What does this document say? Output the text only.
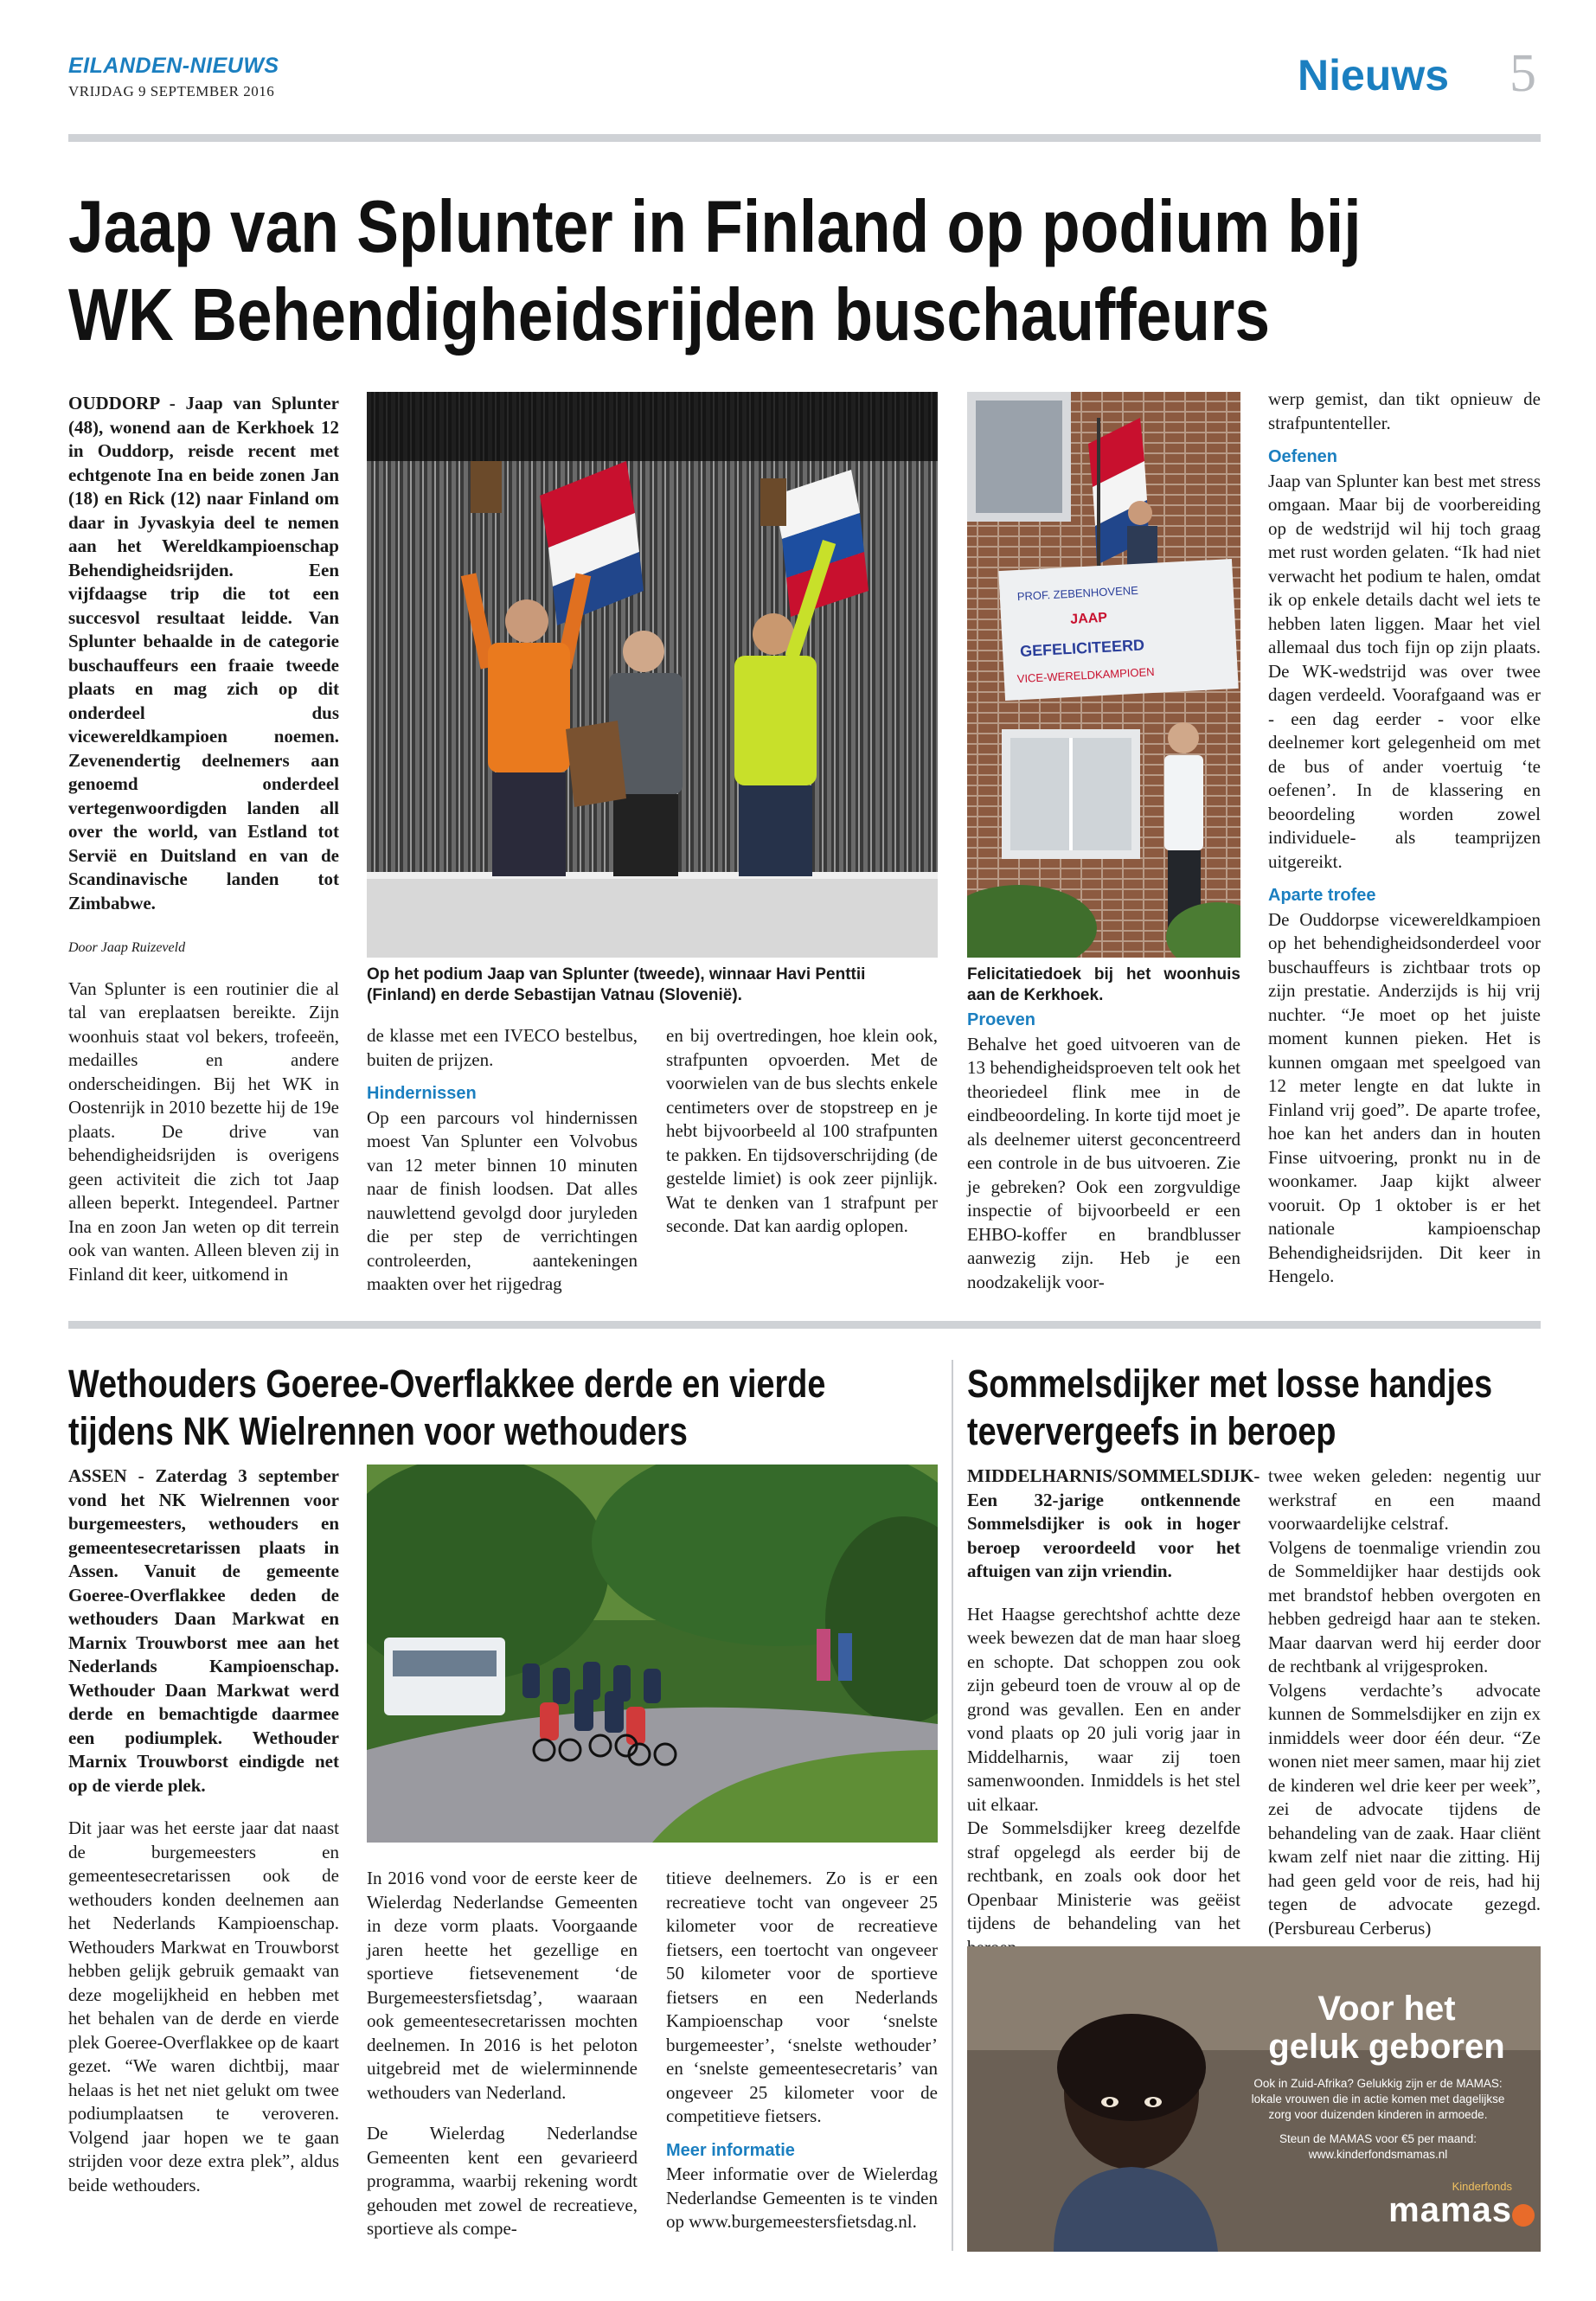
EILANDEN-NIEUWS
VRIJDAG 9 SEPTEMBER 2016	Nieuws 5
Jaap van Splunter in Finland op podium bij
WK Behendigheidsrijden buschauffeurs

OUDDORP - Jaap van Splunter (48), wonend aan de Kerkhoek 12 in Ouddorp, reisde recent met echtgenote Ina en beide zonen Jan (18) en Rick (12) naar Finland om daar in Jyvaskyia deel te nemen aan het Wereldkampioenschap Behendigheidsrijden. Een vijfdaagse trip die tot een succesvol resultaat leidde. Van Splunter behaalde in de categorie buschauffeurs een fraaie tweede plaats en mag zich op dit onderdeel dus vicewereldkampioen noemen. Zevenendertig deelnemers aan genoemd onderdeel vertegenwoordigden landen all over the world, van Estland tot Servië en Duitsland en van de Scandinavische landen tot Zimbabwe.

Door Jaap Ruizeveld

Van Splunter is een routinier die al tal van ereplaatsen bereikte. Zijn woonhuis staat vol bekers, trofeeën, medailles en andere onderscheidingen. Bij het WK in Oostenrijk in 2010 bezette hij de 19e plaats. De drive van behendigheidsrijden is overigens geen activiteit die zich tot Jaap alleen beperkt. Integendeel. Partner Ina en zoon Jan weten op dit terrein ook van wanten. Alleen bleven zij in Finland dit keer, uitkomend in

Op het podium Jaap van Splunter (tweede), winnaar Havi Penttii (Finland) en derde Sebastijan Vatnau (Slovenië).

de klasse met een IVECO bestelbus, buiten de prijzen.

Hindernissen

Op een parcours vol hindernissen moest Van Splunter een Volvobus van 12 meter binnen 10 minuten naar de finish loodsen. Dat alles nauwlettend gevolgd door juryleden die per step de verrichtingen controleerden, aantekeningen maakten over het rijgedrag

en bij overtredingen, hoe klein ook, strafpunten opvoerden. Met de voorwielen van de bus slechts enkele centimeters over de stopstreep en je hebt bijvoorbeeld al 100 strafpunten te pakken. En tijdsoverschrijding (de gestelde limiet) is ook zeer pijnlijk. Wat te denken van 1 strafpunt per seconde. Dat kan aardig oplopen.

PROF. ZEBENHOVENE
JAAP
GEFELICITEERD
VICE-WERELDKAMPIOEN
Felicitatiedoek bij het woonhuis aan de Kerkhoek.

Proeven

Behalve het goed uitvoeren van de 13 behendigheidsproeven telt ook het theoriedeel flink mee in de eindbeoordeling. In korte tijd moet je als deelnemer uiterst geconcentreerd een controle in de bus uitvoeren. Zie je gebreken? Ook een zorgvuldige inspectie of bijvoorbeeld er een EHBO-koffer en brandblusser aanwezig zijn. Heb je een noodzakelijk voor-

werp gemist, dan tikt opnieuw de strafpuntenteller.

Oefenen

Jaap van Splunter kan best met stress omgaan. Maar bij de voorbereiding op de wedstrijd wil hij toch graag met rust worden gelaten. “Ik had niet verwacht het podium te halen, omdat ik op enkele details dacht wel iets te hebben laten liggen. Maar het viel allemaal dus toch fijn op zijn plaats. De WK-wedstrijd was over twee dagen verdeeld. Voorafgaand was er - een dag eerder - voor elke deelnemer kort gelegenheid om met de bus of ander voertuig ‘te oefenen’. In de klassering en beoordeling worden zowel individuele- als teamprijzen uitgereikt.

Aparte trofee

De Ouddorpse vicewereldkampioen op het behendigheidsonderdeel voor buschauffeurs is zichtbaar trots op zijn prestatie. Anderzijds is hij vrij nuchter. “Je moet op het juiste moment kunnen pieken. Het is kunnen omgaan met speelgoed van 12 meter lengte en dat lukte in Finland vrij goed”. De aparte trofee, hoe kan het anders dan in houten Finse uitvoering, pronkt nu in de woonkamer. Jaap kijkt alweer vooruit. Op 1 oktober is er het nationale kampioenschap Behendigheidsrijden. Dit keer in Hengelo.

Wethouders Goeree-Overflakkee derde en vierde
tijdens NK Wielrennen voor wethouders

ASSEN - Zaterdag 3 september vond het NK Wielrennen voor burgemeesters, wethouders en gemeentesecretarissen plaats in Assen. Vanuit de gemeente Goeree-Overflakkee deden de wethouders Daan Markwat en Marnix Trouwborst mee aan het Nederlands Kampioenschap. Wethouder Daan Markwat werd derde en bemachtigde daarmee een podiumplek. Wethouder Marnix Trouwborst eindigde net op de vierde plek.

Dit jaar was het eerste jaar dat naast de burgemeesters en gemeentesecretarissen ook de wethouders konden deelnemen aan het Nederlands Kampioenschap. Wethouders Markwat en Trouwborst hebben gelijk gebruik gemaakt van deze mogelijkheid en hebben met het behalen van de derde en vierde plek Goeree-Overflakkee op de kaart gezet. “We waren dichtbij, maar helaas is het net niet gelukt om twee podiumplaatsen te veroveren. Volgend jaar hopen we te gaan strijden voor deze extra plek”, aldus beide wethouders.

In 2016 vond voor de eerste keer de Wielerdag Nederlandse Gemeenten in deze vorm plaats. Voorgaande jaren heette het gezellige en sportieve fietsevenement ‘de Burgemeestersfietsdag’, waaraan ook gemeentesecretarissen mochten deelnemen. In 2016 is het peloton uitgebreid met de wielerminnende wethouders van Nederland.

De Wielerdag Nederlandse Gemeenten kent een gevarieerd programma, waarbij rekening wordt gehouden met zowel de recreatieve, sportieve als compe-

titieve deelnemers. Zo is er een recreatieve tocht van ongeveer 25 kilometer voor de recreatieve fietsers, een toertocht van ongeveer 50 kilometer voor de sportieve fietsers en een Nederlands Kampioenschap voor ‘snelste burgemeester’, ‘snelste wethouder’ en ‘snelste gemeentesecretaris’ van ongeveer 25 kilometer voor de competitieve fietsers.

Meer informatie

Meer informatie over de Wielerdag Nederlandse Gemeenten is te vinden op www.burgemeestersfietsdag.nl.

Sommelsdijker met losse handjes
teververgeefs in beroep

MIDDELHARNIS/SOMMELSDIJK- Een 32-jarige ontkennende Sommelsdijker is ook in hoger beroep veroordeeld voor het aftuigen van zijn vriendin.

Het Haagse gerechtshof achtte deze week bewezen dat de man haar sloeg en schopte. Dat schoppen zou ook zijn gebeurd toen de vrouw al op de grond was gevallen. Een en ander vond plaats op 20 juli vorig jaar in Middelharnis, waar zij toen samenwoonden. Inmiddels is het stel uit elkaar.

De Sommelsdijker kreeg dezelfde straf opgelegd als eerder bij de rechtbank, en zoals ook door het Openbaar Ministerie was geëist tijdens de behandeling van het

twee weken geleden: negentig uur werkstraf en een maand voorwaardelijke celstraf.

Volgens de toenmalige vriendin zou de Sommeldijker haar destijds ook met brandstof hebben overgoten en hebben gedreigd haar aan te steken. Maar daarvan werd hij eerder door de rechtbank al vrijgesproken.

Volgens verdachte’s advocate kunnen de Sommelsdijker en zijn ex inmiddels weer door één deur. “Ze wonen niet meer samen, maar hij ziet de kinderen wel drie keer per week”, zei de advocate tijdens de behandeling van de zaak. Haar cliënt kwam zelf niet naar die zitting. Hij had geen geld voor de reis, had hij tegen de advocate gezegd. (Persbureau Cerberus)

Voor het
geluk geboren
Ook in Zuid-Afrika? Gelukkig zijn er de MAMAS:
lokale vrouwen die in actie komen met dagelijkse
zorg voor duizenden kinderen in armoede.
Steun de MAMAS voor €5 per maand:
www.kinderfondsmamas.nl
Kinderfonds
mamas
